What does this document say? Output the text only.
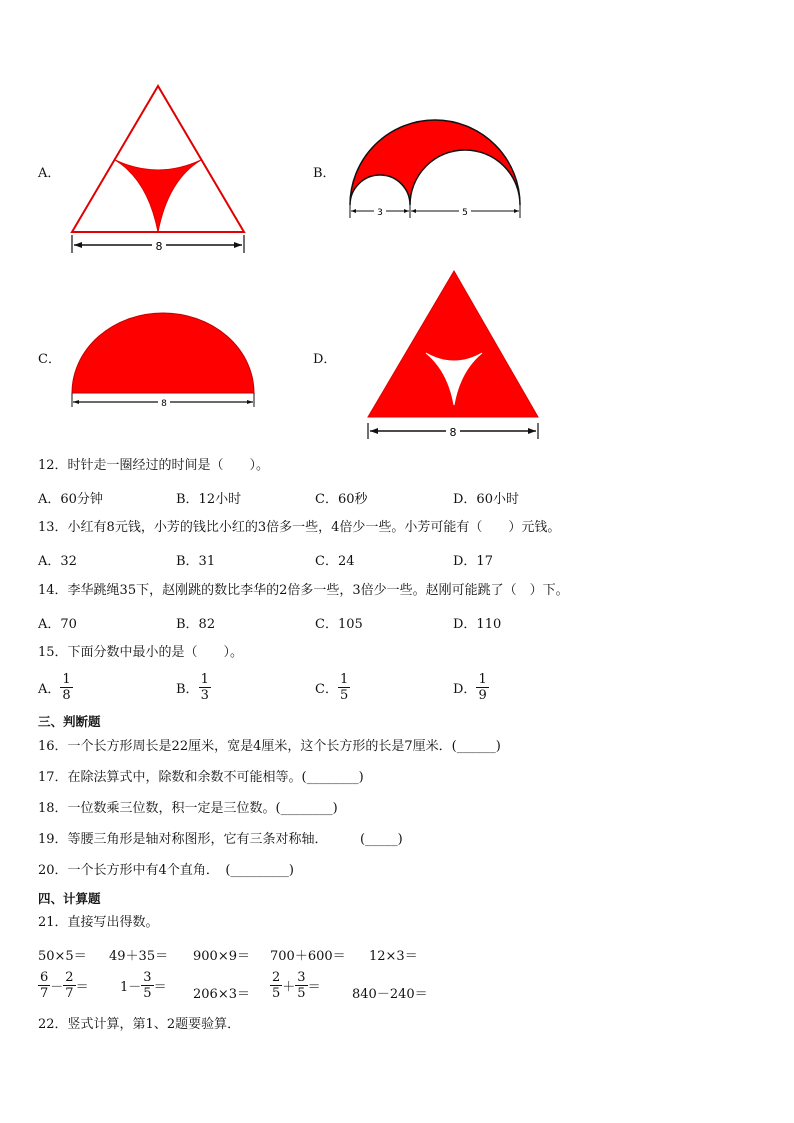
A．	B．
C．	D．
8
3	5
8
8
12．时针走一圈经过的时间是（　　）。
A．60分钟	B．12小时	C．60秒	D．60小时
13．小红有8元钱，小芳的钱比小红的3倍多一些，4倍少一些。小芳可能有（　　）元钱。
A．32	B．31	C．24	D．17
14．李华跳绳35下，赵刚跳的数比李华的2倍多一些，3倍少一些。赵刚可能跳了（　）下。
A．70	B．82	C．105	D．110
15．下面分数中最小的是（　　）。
A． $\frac{1}{8}$	B． $\frac{1}{3}$	C． $\frac{1}{5}$	D． $\frac{1}{9}$
三、判断题
16．一个长方形周长是22厘米，宽是4厘米，这个长方形的长是7厘米．(______)
17．在除法算式中，除数和余数不可能相等。(________)
18．一位数乘三位数，积一定是三位数。(________)
19．等腰三角形是轴对称图形，它有三条对称轴．　　　(_____)
20．一个长方形中有4个直角．　(_________)
四、计算题
21．直接写出得数。
50×5＝ 49＋35＝ 900×9＝ 700＋600＝ 12×3＝
$\frac{6}{7} - \frac{2}{7} = 1- \frac{3}{5} = 206\times 3= \frac{2}{5} + \frac{3}{5} = 840-240=$
22．竖式计算，第1、2题要验算．
